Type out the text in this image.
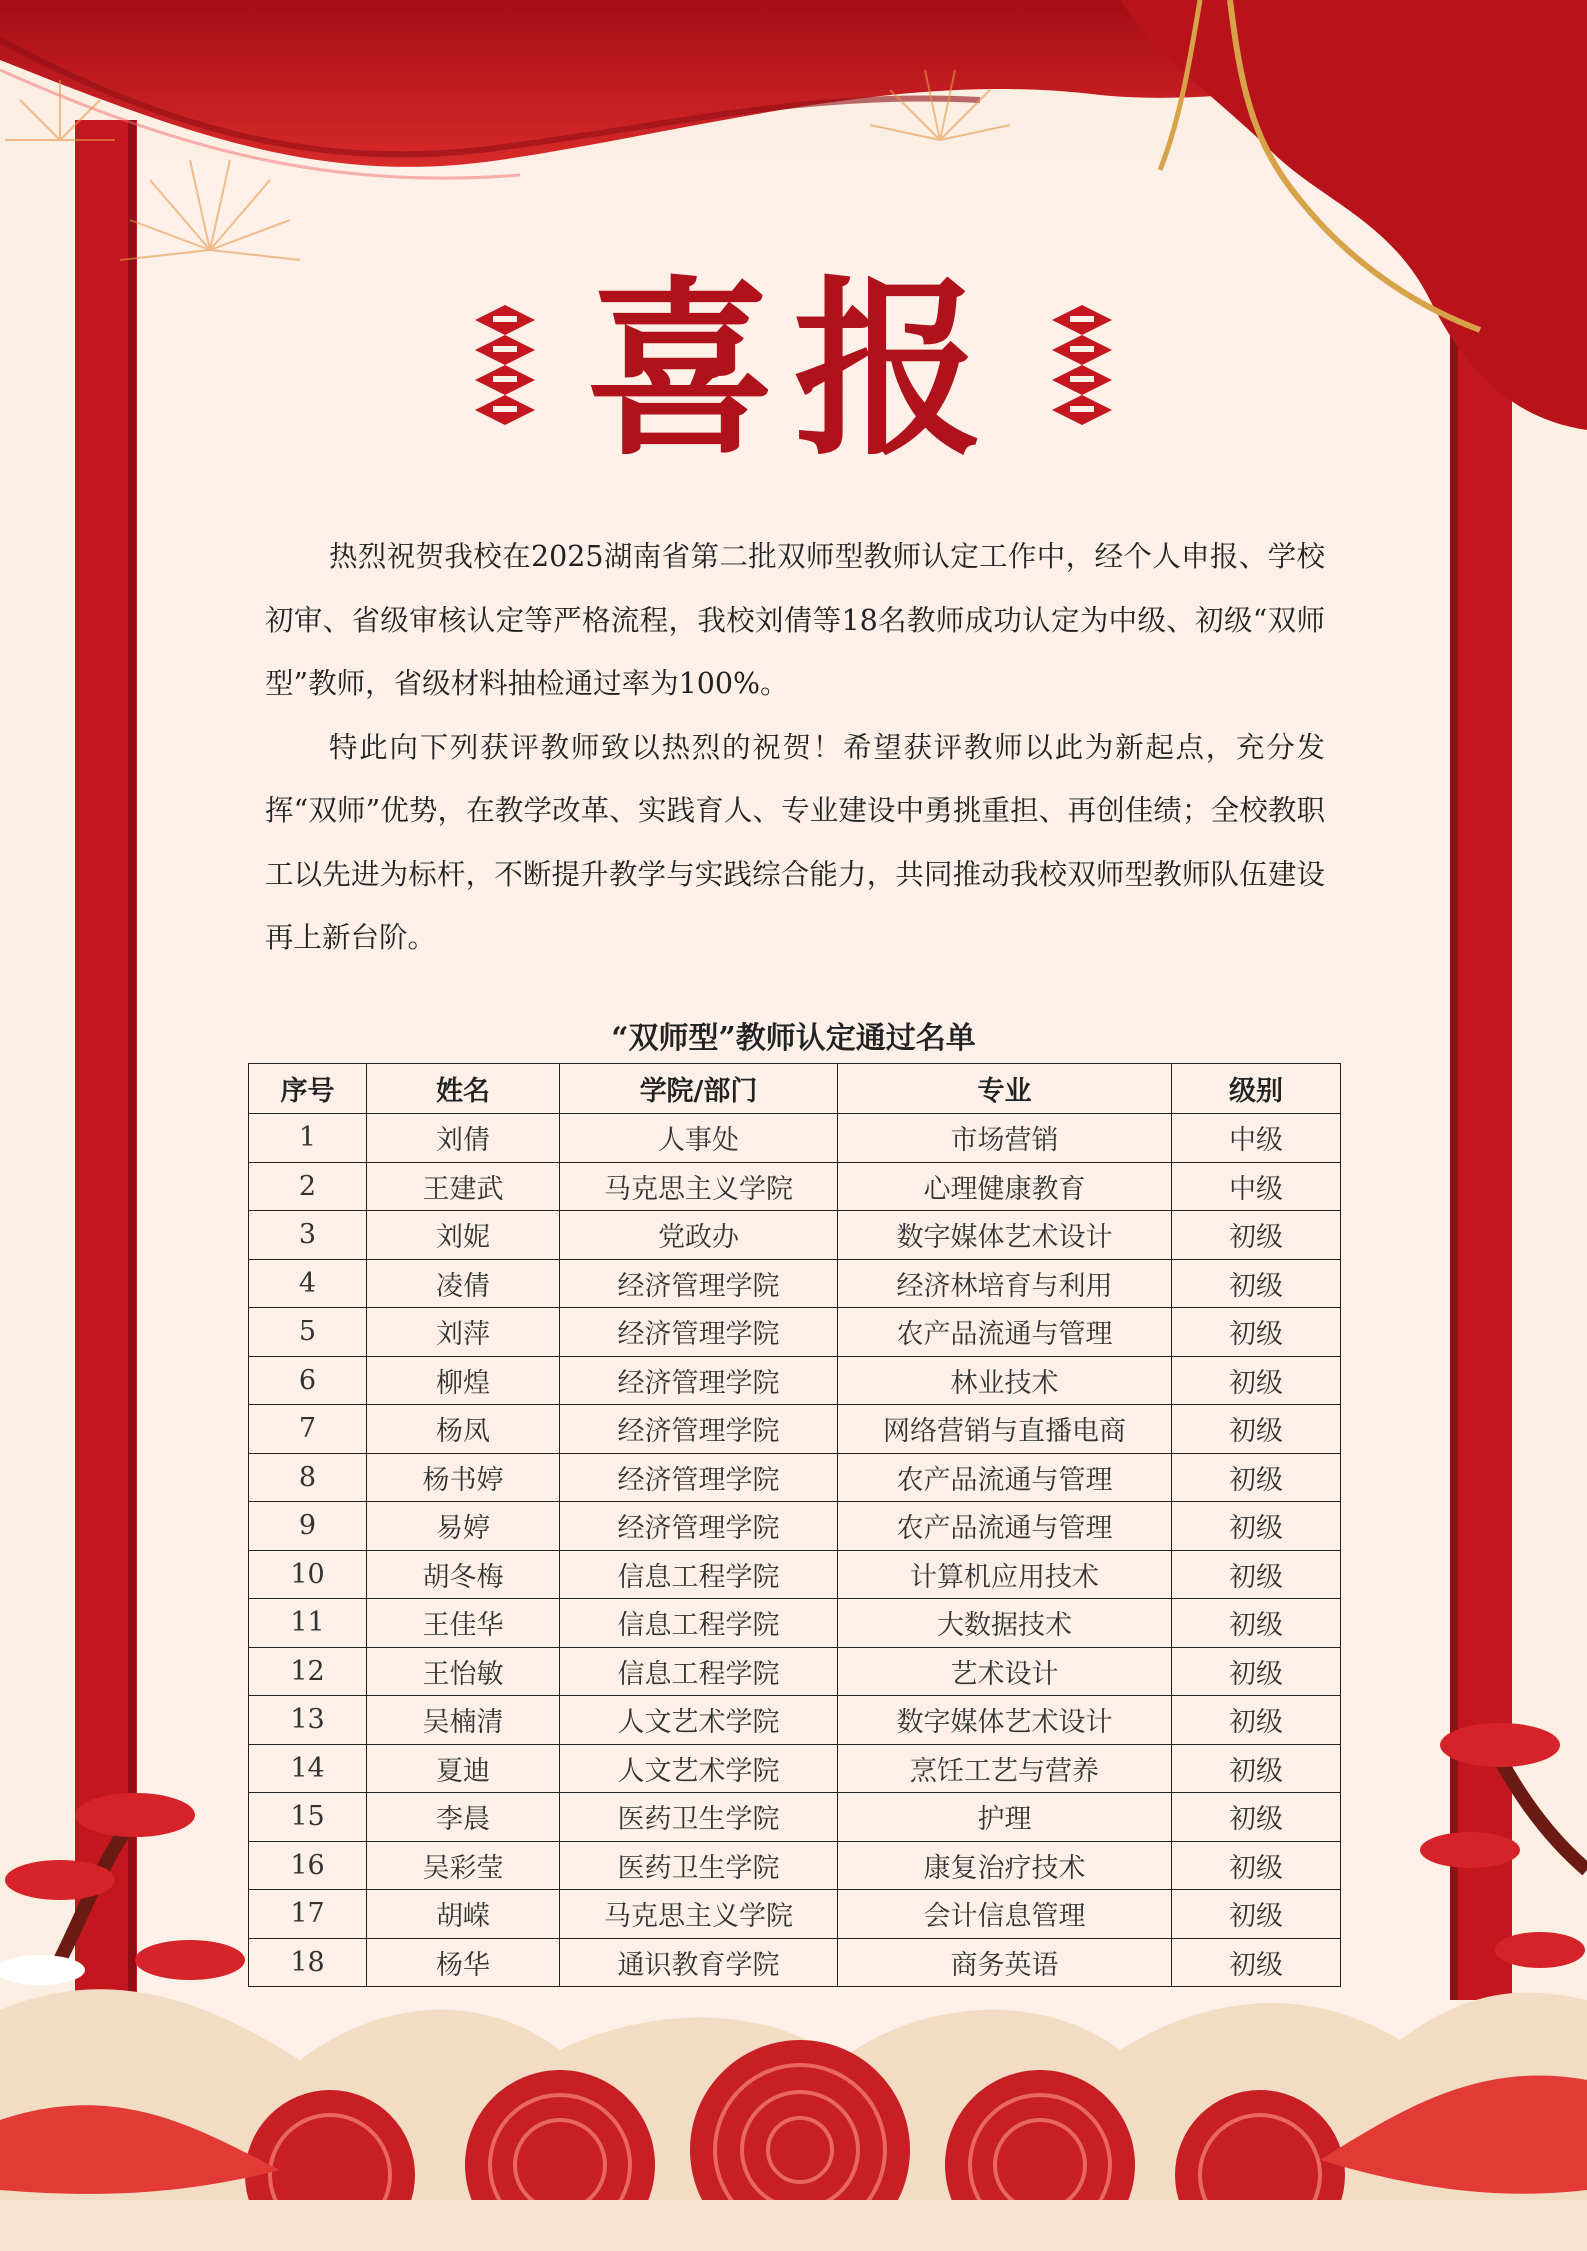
喜报

热烈祝贺我校在2025湖南省第二批双师型教师认定工作中，经个人申报、学校初审、省级审核认定等严格流程，我校刘倩等18名教师成功认定为中级、初级“双师型”教师，省级材料抽检通过率为100%。

特此向下列获评教师致以热烈的祝贺！希望获评教师以此为新起点，充分发挥“双师”优势，在教学改革、实践育人、专业建设中勇挑重担、再创佳绩；全校教职工以先进为标杆，不断提升教学与实践综合能力，共同推动我校双师型教师队伍建设再上新台阶。

“双师型”教师认定通过名单
序号	姓名	学院/部门	专业	级别
1	刘倩	人事处	市场营销	中级
2	王建武	马克思主义学院	心理健康教育	中级
3	刘妮	党政办	数字媒体艺术设计	初级
4	凌倩	经济管理学院	经济林培育与利用	初级
5	刘萍	经济管理学院	农产品流通与管理	初级
6	柳煌	经济管理学院	林业技术	初级
7	杨凤	经济管理学院	网络营销与直播电商	初级
8	杨书婷	经济管理学院	农产品流通与管理	初级
9	易婷	经济管理学院	农产品流通与管理	初级
10	胡冬梅	信息工程学院	计算机应用技术	初级
11	王佳华	信息工程学院	大数据技术	初级
12	王怡敏	信息工程学院	艺术设计	初级
13	吴楠清	人文艺术学院	数字媒体艺术设计	初级
14	夏迪	人文艺术学院	烹饪工艺与营养	初级
15	李晨	医药卫生学院	护理	初级
16	吴彩莹	医药卫生学院	康复治疗技术	初级
17	胡嵘	马克思主义学院	会计信息管理	初级
18	杨华	通识教育学院	商务英语	初级
